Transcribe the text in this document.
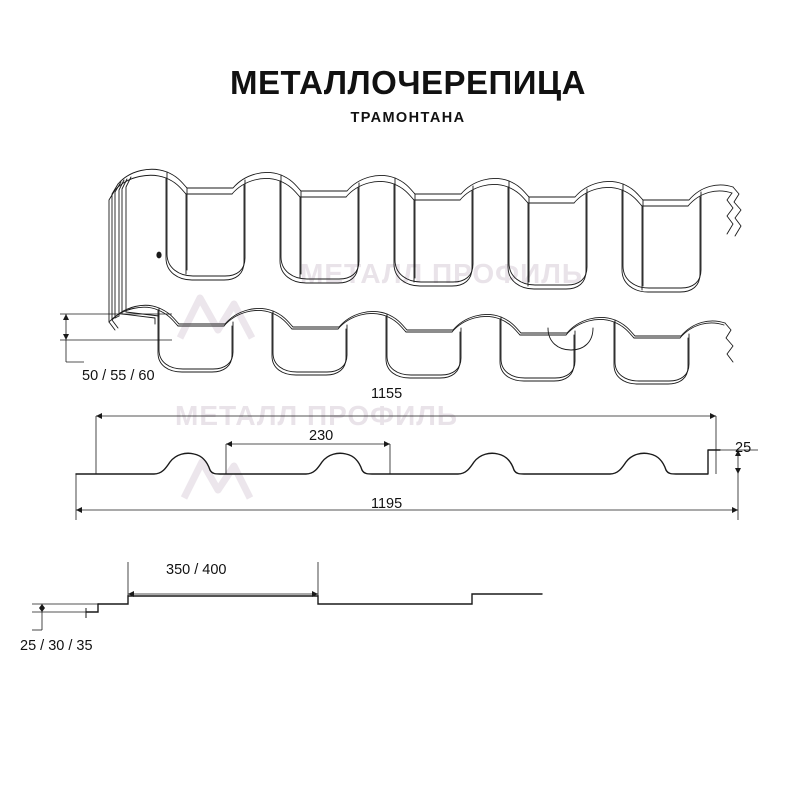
МЕТАЛЛОЧЕРЕПИЦА
ТРАМОНТАНА
МЕТАЛЛ ПРОФИЛЬ
МЕТАЛЛ ПРОФИЛЬ
50 / 55 / 60
1155
230
1195
25
350 / 400
25 / 30 / 35
